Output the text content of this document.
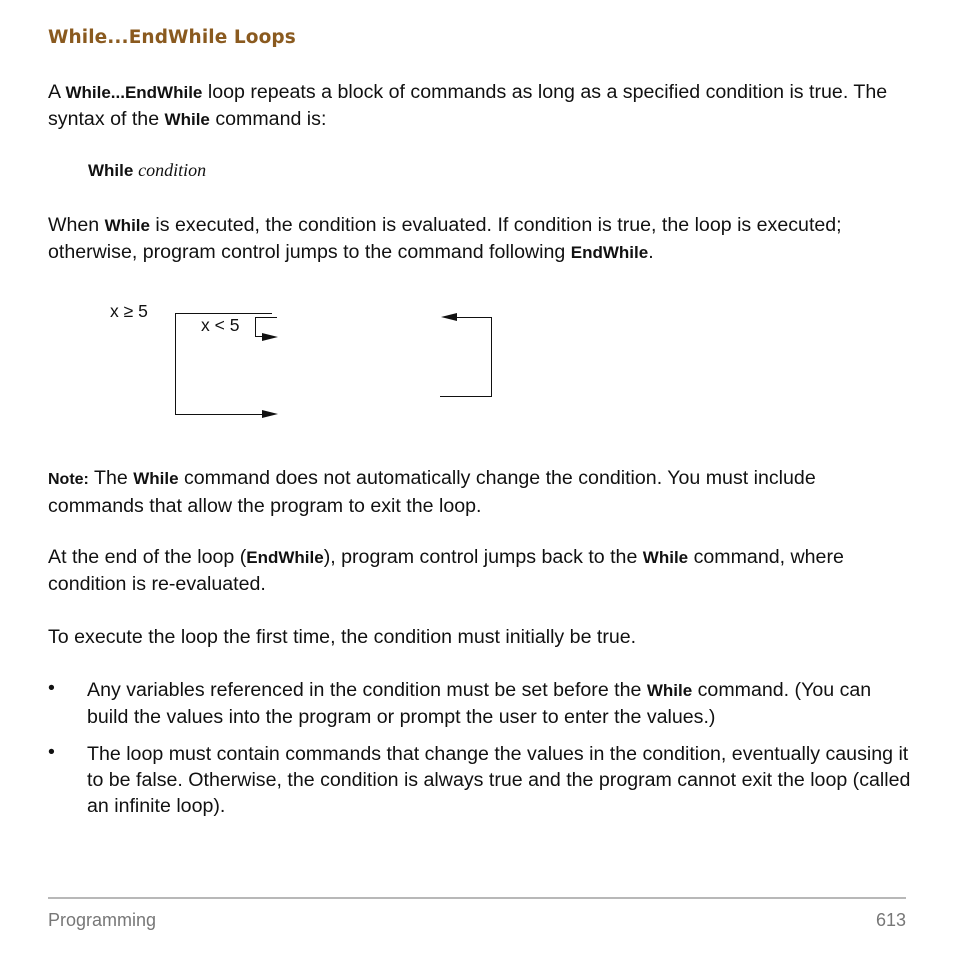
While...EndWhile Loops

A While...EndWhile loop repeats a block of commands as long as a specified condition is true. The syntax of the While command is:

While condition

When While is executed, the condition is evaluated. If condition is true, the loop is executed; otherwise, program control jumps to the command following EndWhile.

x ≥ 5
x < 5

Note: The While command does not automatically change the condition. You must include commands that allow the program to exit the loop.

At the end of the loop (EndWhile), program control jumps back to the While command, where condition is re-evaluated.

To execute the loop the first time, the condition must initially be true.

• Any variables referenced in the condition must be set before the While command. (You can build the values into the program or prompt the user to enter the values.)

• The loop must contain commands that change the values in the condition, eventually causing it to be false. Otherwise, the condition is always true and the program cannot exit the loop (called an infinite loop).

Programming	613
